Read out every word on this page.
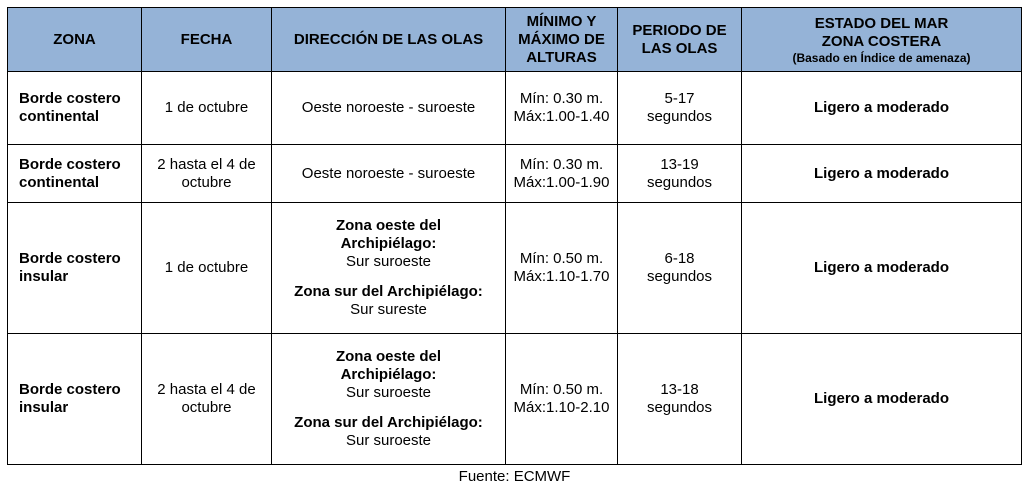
ZONA	FECHA	DIRECCIÓN DE LAS OLAS	MÍNIMO Y
MÁXIMO DE
ALTURAS	PERIODO DE
LAS OLAS	ESTADO DEL MAR
ZONA COSTERA
(Basado en Índice de amenaza)

Borde costero
continental	1 de octubre	Oeste noroeste - suroeste	Mín: 0.30 m.
Máx:1.00-1.40	5-17
segundos	Ligero a moderado

Borde costero
continental	2 hasta el 4 de
octubre	Oeste noroeste - suroeste	Mín: 0.30 m.
Máx:1.00-1.90	13-19
segundos	Ligero a moderado

Borde costero
insular	1 de octubre	Zona oeste del
Archipiélago:
Sur suroeste
Zona sur del Archipiélago:
Sur sureste	Mín: 0.50 m.
Máx:1.10-1.70	6-18
segundos	Ligero a moderado

Borde costero
insular	2 hasta el 4 de
octubre	Zona oeste del
Archipiélago:
Sur suroeste
Zona sur del Archipiélago:
Sur suroeste	Mín: 0.50 m.
Máx:1.10-2.10	13-18
segundos	Ligero a moderado
Fuente: ECMWF
